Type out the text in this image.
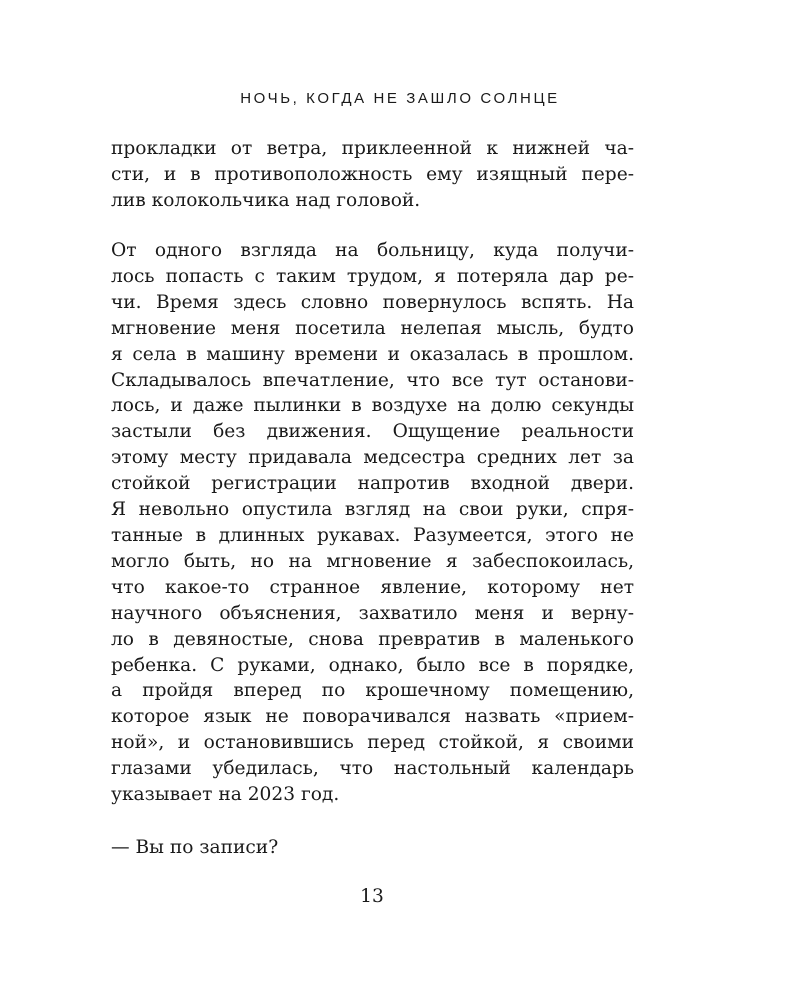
НОЧЬ, КОГДА НЕ ЗАШЛО СОЛНЦЕ
прокладки от ветра, приклеенной к нижней ча-
сти, и в противоположность ему изящный пере-
лив колокольчика над головой.
От одного взгляда на больницу, куда получи-
лось попасть с таким трудом, я потеряла дар ре-
чи. Время здесь словно повернулось вспять. На
мгновение меня посетила нелепая мысль, будто
я села в машину времени и оказалась в прошлом.
Складывалось впечатление, что все тут останови-
лось, и даже пылинки в воздухе на долю секунды
застыли без движения. Ощущение реальности
этому месту придавала медсестра средних лет за
стойкой регистрации напротив входной двери.
Я невольно опустила взгляд на свои руки, спря-
танные в длинных рукавах. Разумеется, этого не
могло быть, но на мгновение я забеспокоилась,
что какое-то странное явление, которому нет
научного объяснения, захватило меня и верну-
ло в девяностые, снова превратив в маленького
ребенка. С руками, однако, было все в порядке,
а пройдя вперед по крошечному помещению,
которое язык не поворачивался назвать «прием-
ной», и остановившись перед стойкой, я своими
глазами убедилась, что настольный календарь
указывает на 2023 год.
— Вы по записи?
13
